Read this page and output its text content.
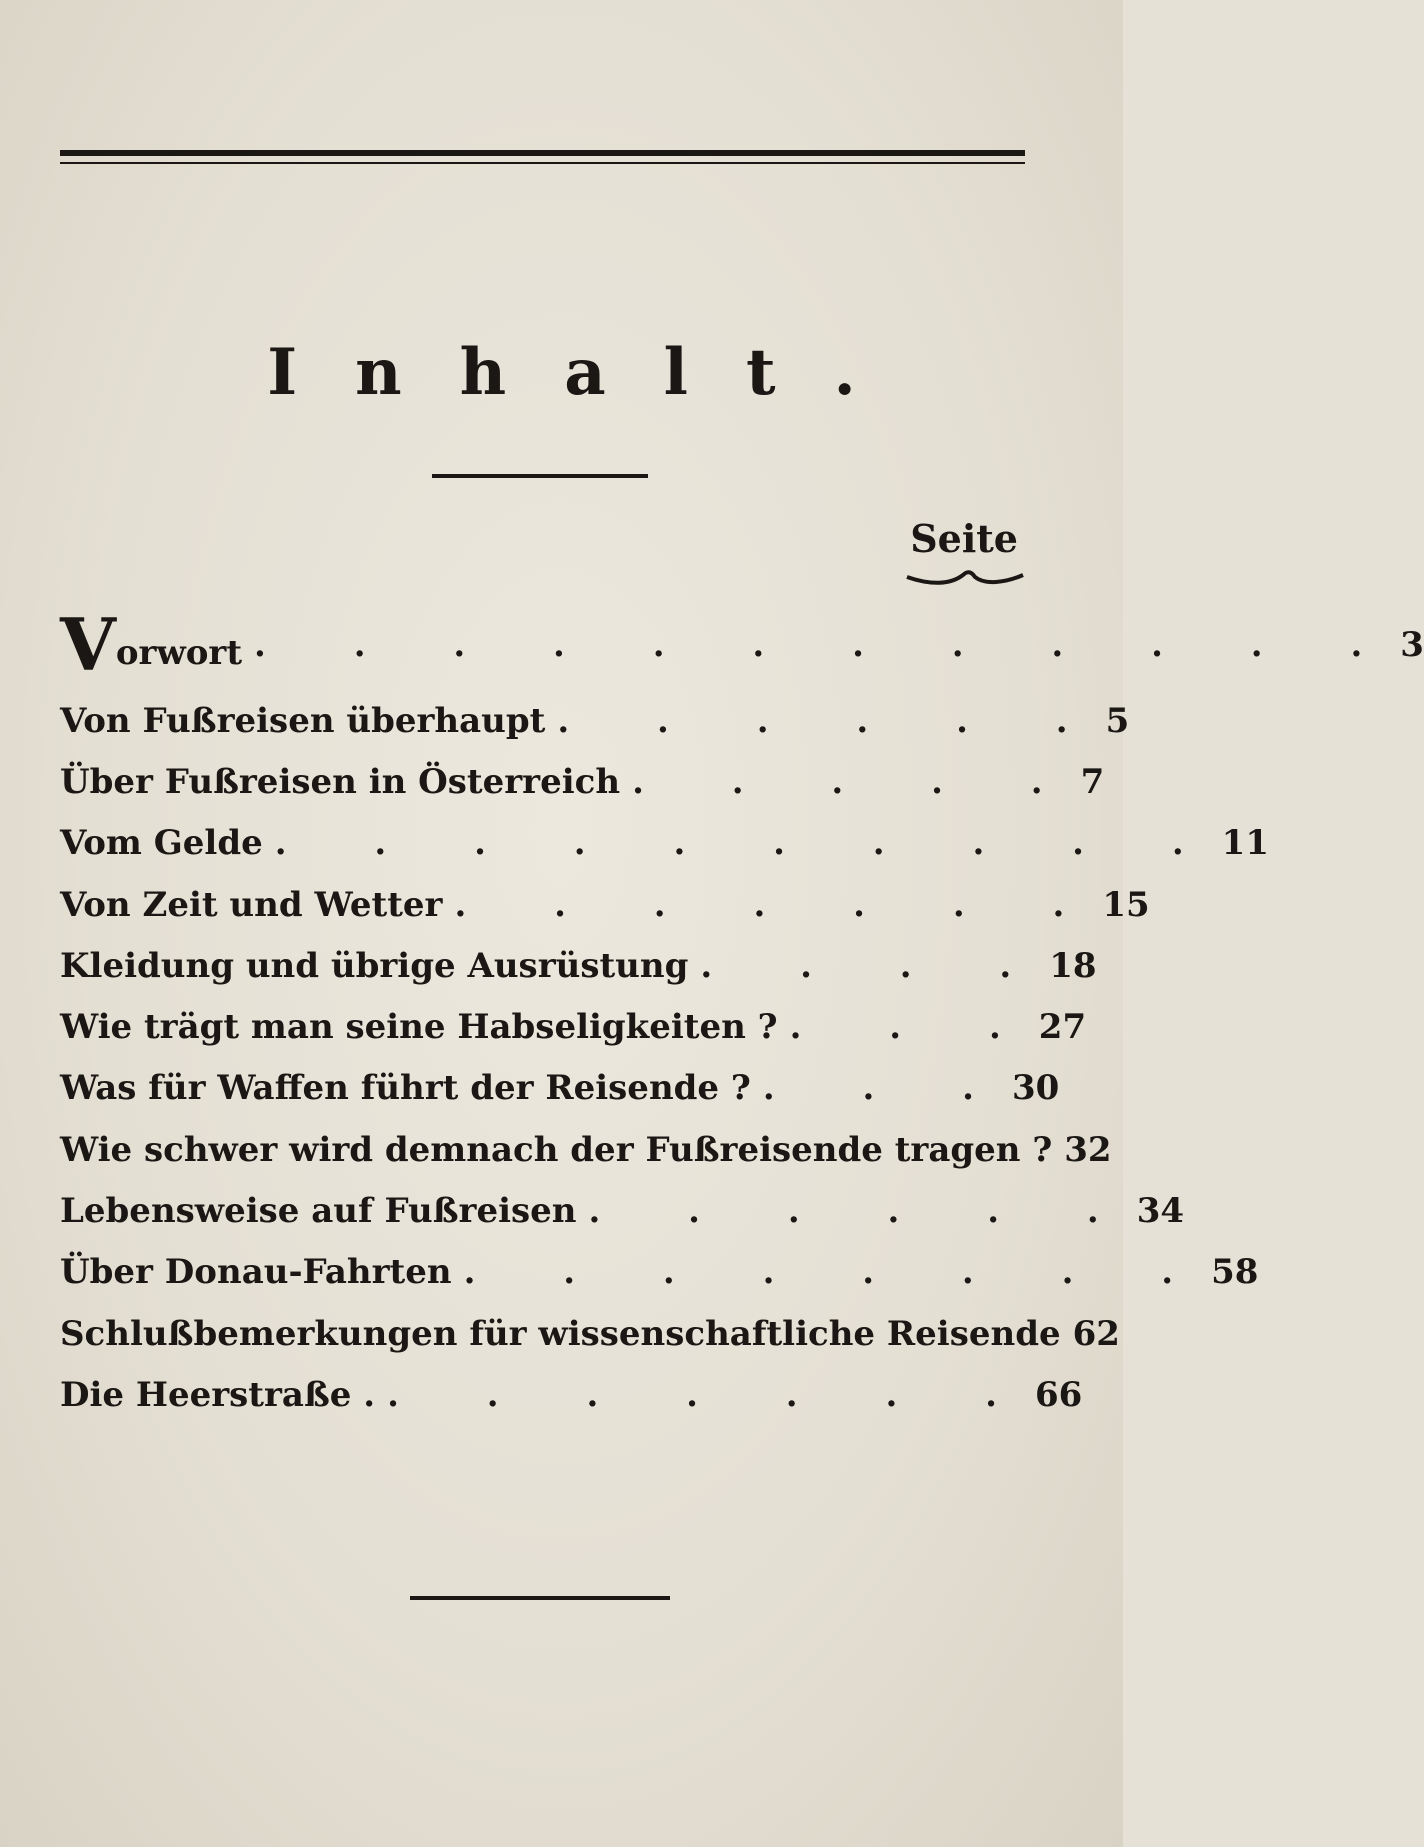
Inhalt.
Seite
Vorwort . . . . . . . . . . . . 3
Von Fußreisen überhaupt . . . . . . 5
Über Fußreisen in Österreich . . . . . 7
Vom Gelde . . . . . . . . . . 11
Von Zeit und Wetter . . . . . . . 15
Kleidung und übrige Ausrüstung . . . . 18
Wie trägt man seine Habseligkeiten ? . . . 27
Was für Waffen führt der Reisende ? . . . 30
Wie schwer wird demnach der Fußreisende tragen ? 32
Lebensweise auf Fußreisen . . . . . . 34
Über Donau-Fahrten . . . . . . . . 58
Schlußbemerkungen für wissenschaftliche Reisende 62
Die Heerstraße . . . . . . . . 66
